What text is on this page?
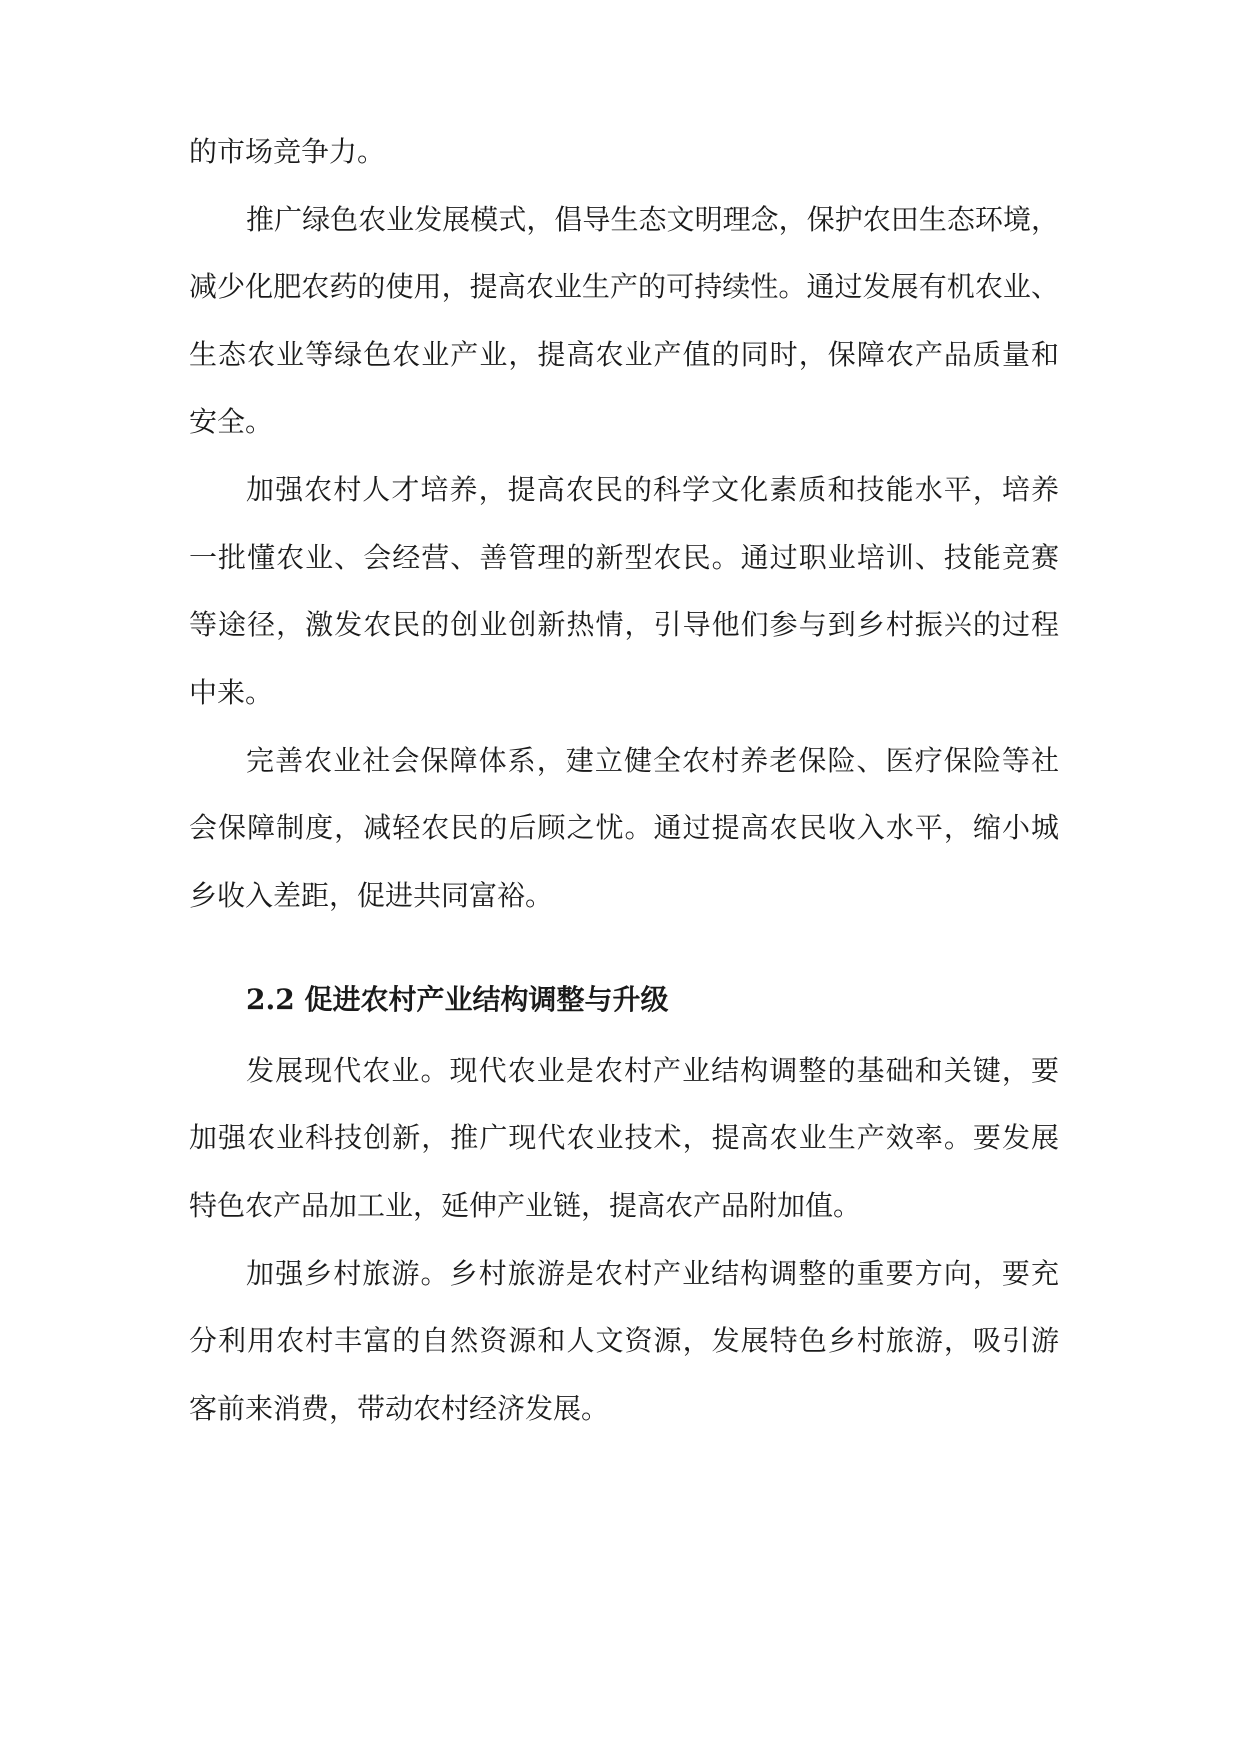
的市场竞争力。
推广绿色农业发展模式，倡导生态文明理念，保护农田生态环境，
减少化肥农药的使用，提高农业生产的可持续性。通过发展有机农业、
生态农业等绿色农业产业，提高农业产值的同时，保障农产品质量和
安全。
加强农村人才培养，提高农民的科学文化素质和技能水平，培养
一批懂农业、会经营、善管理的新型农民。通过职业培训、技能竞赛
等途径，激发农民的创业创新热情，引导他们参与到乡村振兴的过程
中来。
完善农业社会保障体系，建立健全农村养老保险、医疗保险等社
会保障制度，减轻农民的后顾之忧。通过提高农民收入水平，缩小城
乡收入差距，促进共同富裕。
2.2 促进农村产业结构调整与升级
发展现代农业。现代农业是农村产业结构调整的基础和关键，要
加强农业科技创新，推广现代农业技术，提高农业生产效率。要发展
特色农产品加工业，延伸产业链，提高农产品附加值。
加强乡村旅游。乡村旅游是农村产业结构调整的重要方向，要充
分利用农村丰富的自然资源和人文资源，发展特色乡村旅游，吸引游
客前来消费，带动农村经济发展。
